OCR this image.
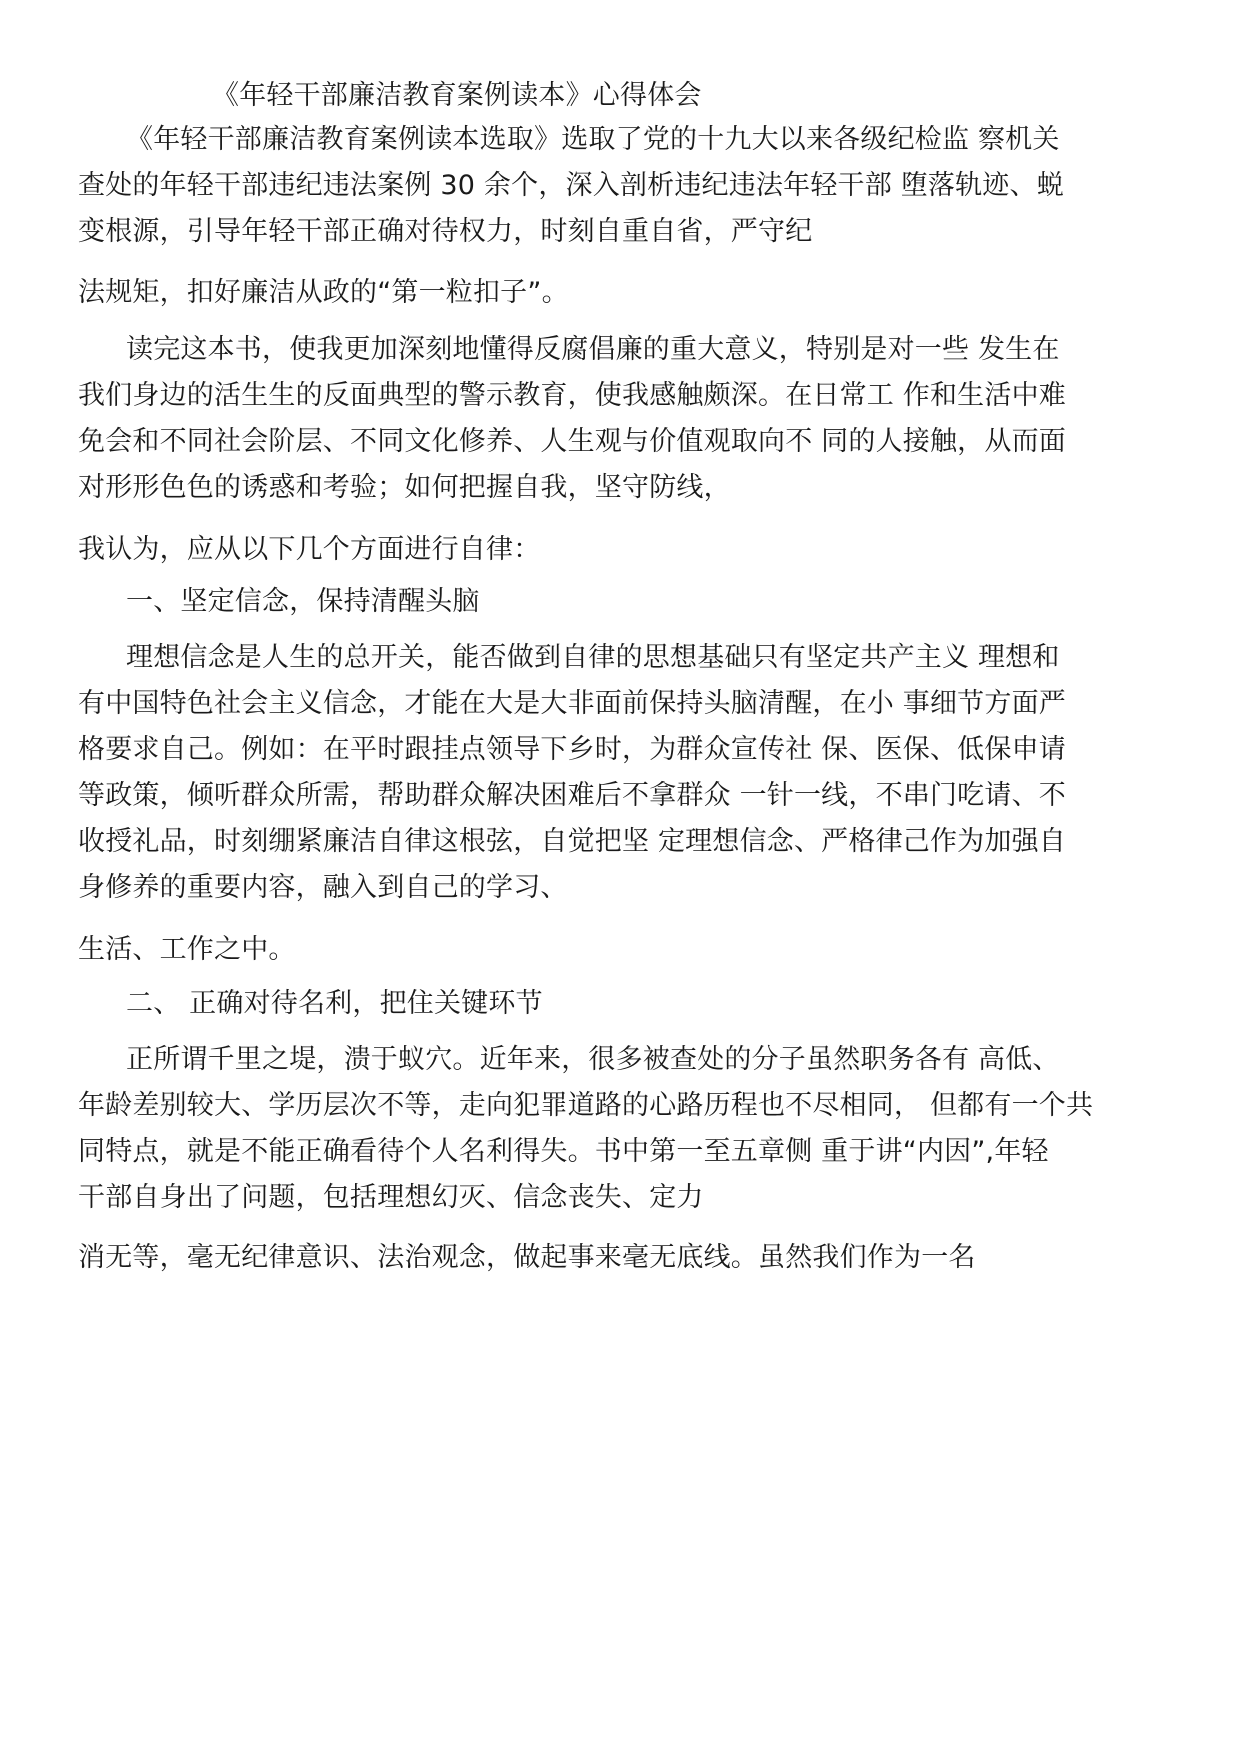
《年轻干部廉洁教育案例读本》心得体会
《年轻干部廉洁教育案例读本选取》选取了党的十九大以来各级纪检监 察机关
查处的年轻干部违纪违法案例 30 余个，深入剖析违纪违法年轻干部 堕落轨迹、蜕
变根源，引导年轻干部正确对待权力，时刻自重自省，严守纪
法规矩，扣好廉洁从政的“第一粒扣子”。
读完这本书，使我更加深刻地懂得反腐倡廉的重大意义，特别是对一些 发生在
我们身边的活生生的反面典型的警示教育，使我感触颇深。在日常工 作和生活中难
免会和不同社会阶层、不同文化修养、人生观与价值观取向不 同的人接触，从而面
对形形色色的诱惑和考验；如何把握自我，坚守防线，
我认为，应从以下几个方面进行自律：
一、坚定信念，保持清醒头脑
理想信念是人生的总开关，能否做到自律的思想基础只有坚定共产主义 理想和
有中国特色社会主义信念，才能在大是大非面前保持头脑清醒，在小 事细节方面严
格要求自己。例如：在平时跟挂点领导下乡时，为群众宣传社 保、医保、低保申请
等政策，倾听群众所需，帮助群众解决困难后不拿群众 一针一线，不串门吃请、不
收授礼品，时刻绷紧廉洁自律这根弦，自觉把坚 定理想信念、严格律己作为加强自
身修养的重要内容，融入到自己的学习、
生活、工作之中。
二、 正确对待名利，把住关键环节
正所谓千里之堤，溃于蚁穴。近年来，很多被查处的分子虽然职务各有 高低、
年龄差别较大、学历层次不等，走向犯罪道路的心路历程也不尽相同， 但都有一个共
同特点，就是不能正确看待个人名利得失。书中第一至五章侧 重于讲“内因”,年轻
干部自身出了问题，包括理想幻灭、信念丧失、定力
消无等，毫无纪律意识、法治观念，做起事来毫无底线。虽然我们作为一名
